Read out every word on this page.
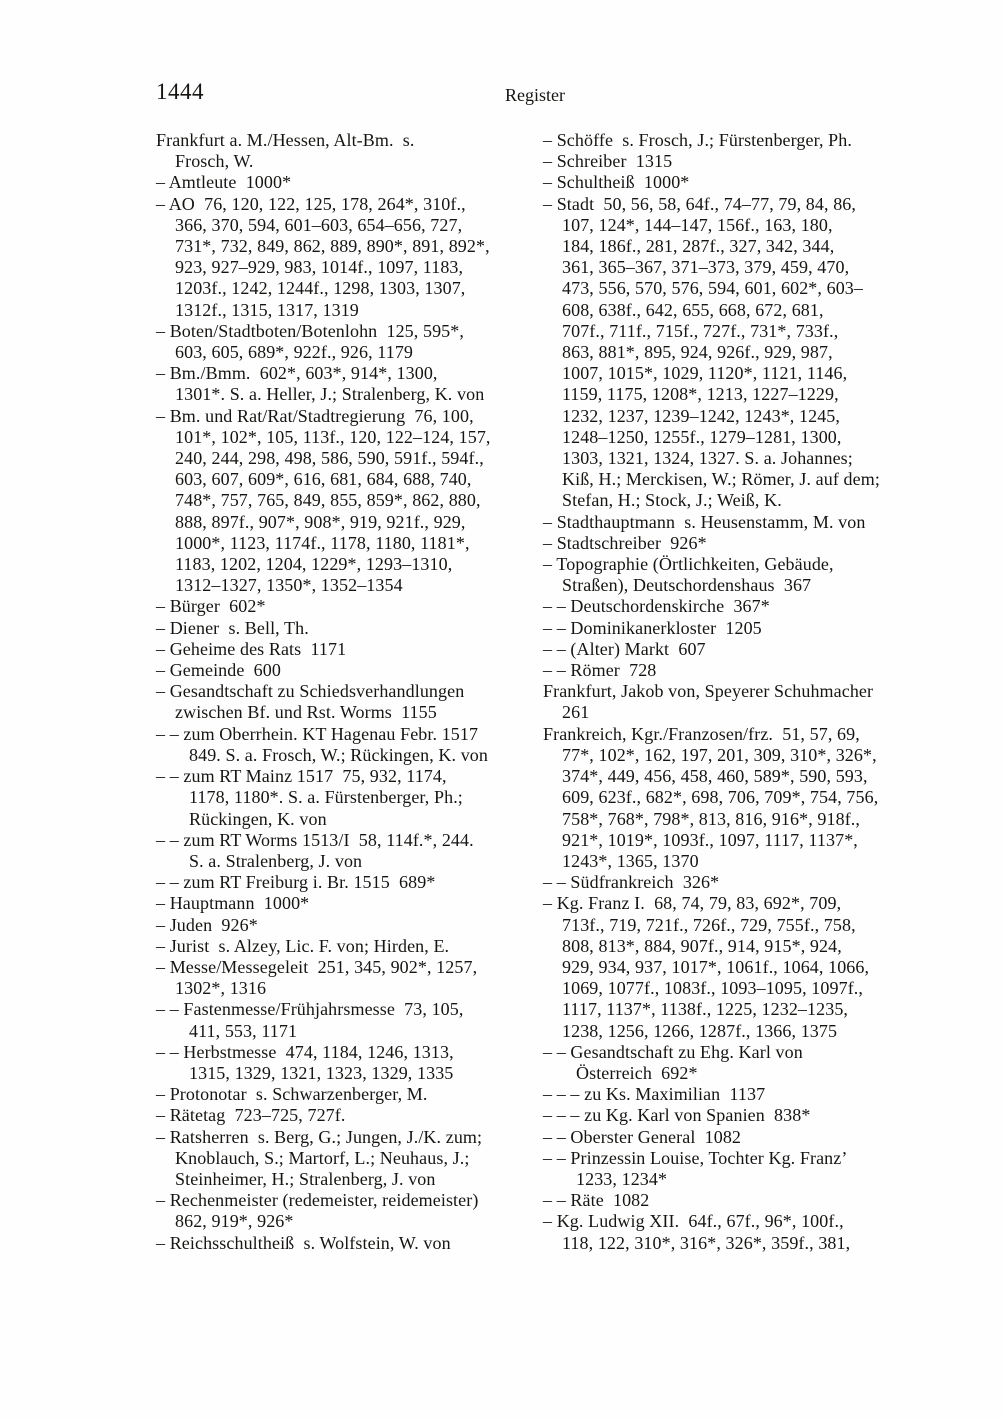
1444	Register
Frankfurt a. M./Hessen, Alt-Bm.  s.
Frosch, W.
– Amtleute  1000*
– AO  76, 120, 122, 125, 178, 264*, 310f.,
366, 370, 594, 601–603, 654–656, 727,
731*, 732, 849, 862, 889, 890*, 891, 892*,
923, 927–929, 983, 1014f., 1097, 1183,
1203f., 1242, 1244f., 1298, 1303, 1307,
1312f., 1315, 1317, 1319
– Boten/Stadtboten/Botenlohn  125, 595*,
603, 605, 689*, 922f., 926, 1179
– Bm./Bmm.  602*, 603*, 914*, 1300,
1301*. S. a. Heller, J.; Stralenberg, K. von
– Bm. und Rat/Rat/Stadtregierung  76, 100,
101*, 102*, 105, 113f., 120, 122–124, 157,
240, 244, 298, 498, 586, 590, 591f., 594f.,
603, 607, 609*, 616, 681, 684, 688, 740,
748*, 757, 765, 849, 855, 859*, 862, 880,
888, 897f., 907*, 908*, 919, 921f., 929,
1000*, 1123, 1174f., 1178, 1180, 1181*,
1183, 1202, 1204, 1229*, 1293–1310,
1312–1327, 1350*, 1352–1354
– Bürger  602*
– Diener  s. Bell, Th.
– Geheime des Rats  1171
– Gemeinde  600
– Gesandtschaft zu Schiedsverhandlungen
zwischen Bf. und Rst. Worms  1155
– – zum Oberrhein. KT Hagenau Febr. 1517
849. S. a. Frosch, W.; Rückingen, K. von
– – zum RT Mainz 1517  75, 932, 1174,
1178, 1180*. S. a. Fürstenberger, Ph.;
Rückingen, K. von
– – zum RT Worms 1513/I  58, 114f.*, 244.
S. a. Stralenberg, J. von
– – zum RT Freiburg i. Br. 1515  689*
– Hauptmann  1000*
– Juden  926*
– Jurist  s. Alzey, Lic. F. von; Hirden, E.
– Messe/Messegeleit  251, 345, 902*, 1257,
1302*, 1316
– – Fastenmesse/Frühjahrsmesse  73, 105,
411, 553, 1171
– – Herbstmesse  474, 1184, 1246, 1313,
1315, 1329, 1321, 1323, 1329, 1335
– Protonotar  s. Schwarzenberger, M.
– Rätetag  723–725, 727f.
– Ratsherren  s. Berg, G.; Jungen, J./K. zum;
Knoblauch, S.; Martorf, L.; Neuhaus, J.;
Steinheimer, H.; Stralenberg, J. von
– Rechenmeister (redemeister, reidemeister)
862, 919*, 926*
– Reichsschultheiß  s. Wolfstein, W. von
– Schöffe  s. Frosch, J.; Fürstenberger, Ph.
– Schreiber  1315
– Schultheiß  1000*
– Stadt  50, 56, 58, 64f., 74–77, 79, 84, 86,
107, 124*, 144–147, 156f., 163, 180,
184, 186f., 281, 287f., 327, 342, 344,
361, 365–367, 371–373, 379, 459, 470,
473, 556, 570, 576, 594, 601, 602*, 603–
608, 638f., 642, 655, 668, 672, 681,
707f., 711f., 715f., 727f., 731*, 733f.,
863, 881*, 895, 924, 926f., 929, 987,
1007, 1015*, 1029, 1120*, 1121, 1146,
1159, 1175, 1208*, 1213, 1227–1229,
1232, 1237, 1239–1242, 1243*, 1245,
1248–1250, 1255f., 1279–1281, 1300,
1303, 1321, 1324, 1327. S. a. Johannes;
Kiß, H.; Merckisen, W.; Römer, J. auf dem;
Stefan, H.; Stock, J.; Weiß, K.
– Stadthauptmann  s. Heusenstamm, M. von
– Stadtschreiber  926*
– Topographie (Örtlichkeiten, Gebäude,
Straßen), Deutschordenshaus  367
– – Deutschordenskirche  367*
– – Dominikanerkloster  1205
– – (Alter) Markt  607
– – Römer  728
Frankfurt, Jakob von, Speyerer Schuhmacher
261
Frankreich, Kgr./Franzosen/frz.  51, 57, 69,
77*, 102*, 162, 197, 201, 309, 310*, 326*,
374*, 449, 456, 458, 460, 589*, 590, 593,
609, 623f., 682*, 698, 706, 709*, 754, 756,
758*, 768*, 798*, 813, 816, 916*, 918f.,
921*, 1019*, 1093f., 1097, 1117, 1137*,
1243*, 1365, 1370
– – Südfrankreich  326*
– Kg. Franz I.  68, 74, 79, 83, 692*, 709,
713f., 719, 721f., 726f., 729, 755f., 758,
808, 813*, 884, 907f., 914, 915*, 924,
929, 934, 937, 1017*, 1061f., 1064, 1066,
1069, 1077f., 1083f., 1093–1095, 1097f.,
1117, 1137*, 1138f., 1225, 1232–1235,
1238, 1256, 1266, 1287f., 1366, 1375
– – Gesandtschaft zu Ehg. Karl von
Österreich  692*
– – – zu Ks. Maximilian  1137
– – – zu Kg. Karl von Spanien  838*
– – Oberster General  1082
– – Prinzessin Louise, Tochter Kg. Franz’
1233, 1234*
– – Räte  1082
– Kg. Ludwig XII.  64f., 67f., 96*, 100f.,
118, 122, 310*, 316*, 326*, 359f., 381,
